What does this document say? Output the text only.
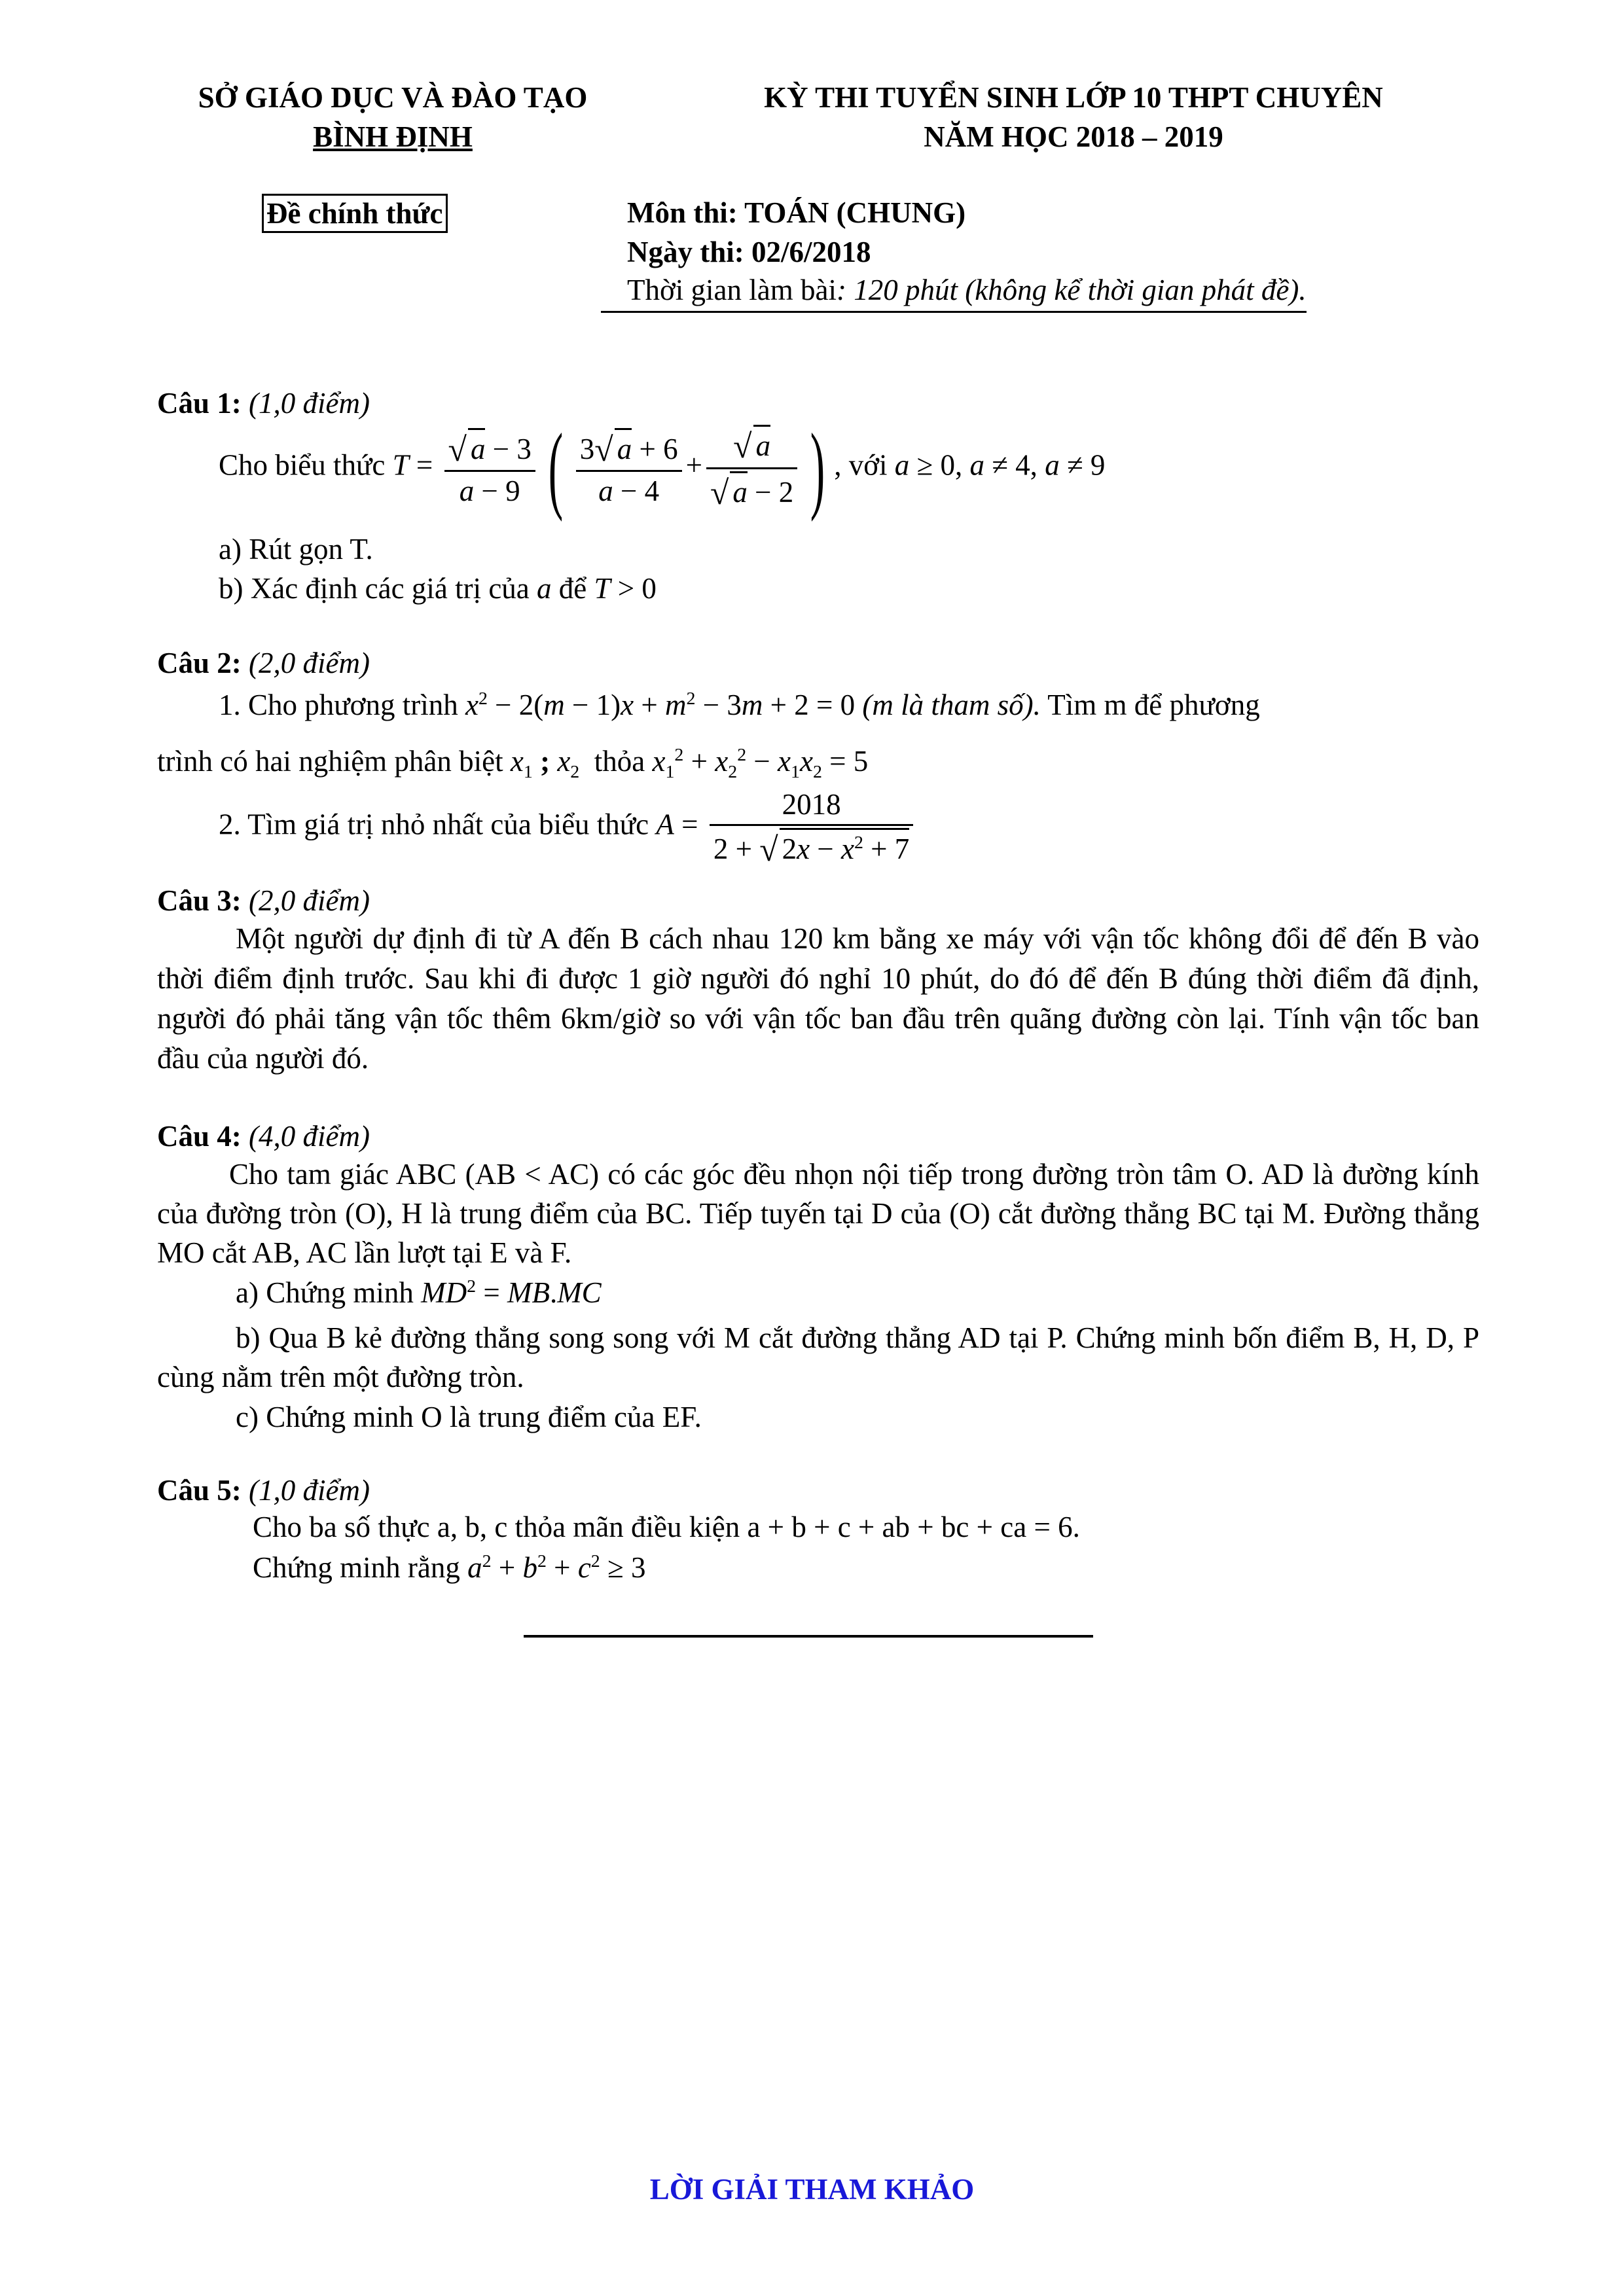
SỞ GIÁO DỤC VÀ ĐÀO TẠO
BÌNH ĐỊNH
KỲ THI TUYỂN SINH LỚP 10 THPT CHUYÊN
NĂM HỌC 2018 – 2019
Đề chính thức	Môn thi: TOÁN (CHUNG)
Ngày thi: 02/6/2018
Thời gian làm bài: 120 phút (không kể thời gian phát đề).
Câu 1: (1,0 điểm)
Cho biểu thức $T = \frac{√ a - 3}{a - 9}$ ( $\frac{3√ a + 6}{a - 4} + \frac{√ a}{√ a - 2}$ ) , với a ≥ 0, a ≠ 4, a ≠ 9
a) Rút gọn T.
b) Xác định các giá trị của a để T > 0
Câu 2: (2,0 điểm)
1. Cho phương trình $x^2 - 2(m - 1)x + m^2 - 3m + 2 = 0$ (m là tham số). Tìm m để phương
trình có hai nghiệm phân biệt $x_1$ ; $x_2$ thỏa $x_1^2 + x_2^2 - x_1x_2 = 5$
2. Tìm giá trị nhỏ nhất của biểu thức $A = \frac{2018}{2 + √ 2x - x^2 + 7}$
Câu 3: (2,0 điểm)

Một người dự định đi từ A đến B cách nhau 120 km bằng xe máy với vận tốc không đổi để đến B vào thời điểm định trước. Sau khi đi được 1 giờ người đó nghỉ 10 phút, do đó để đến B đúng thời điểm đã định, người đó phải tăng vận tốc thêm 6km/giờ so với vận tốc ban đầu trên quãng đường còn lại. Tính vận tốc ban đầu của người đó.

Câu 4: (4,0 điểm)

Cho tam giác ABC (AB < AC) có các góc đều nhọn nội tiếp trong đường tròn tâm O. AD là đường kính của đường tròn (O), H là trung điểm của BC. Tiếp tuyến tại D của (O) cắt đường thẳng BC tại M. Đường thẳng MO cắt AB, AC lần lượt tại E và F.

a) Chứng minh $MD^2 = MB.MC$

b) Qua B kẻ đường thẳng song song với M cắt đường thẳng AD tại P. Chứng minh bốn điểm B, H, D, P cùng nằm trên một đường tròn.

c) Chứng minh O là trung điểm của EF.
Câu 5: (1,0 điểm)
Cho ba số thực a, b, c thỏa mãn điều kiện a + b + c + ab + bc + ca = 6.
Chứng minh rằng $a^2 + b^2 + c^2 \ge 3$
LỜI GIẢI THAM KHẢO
